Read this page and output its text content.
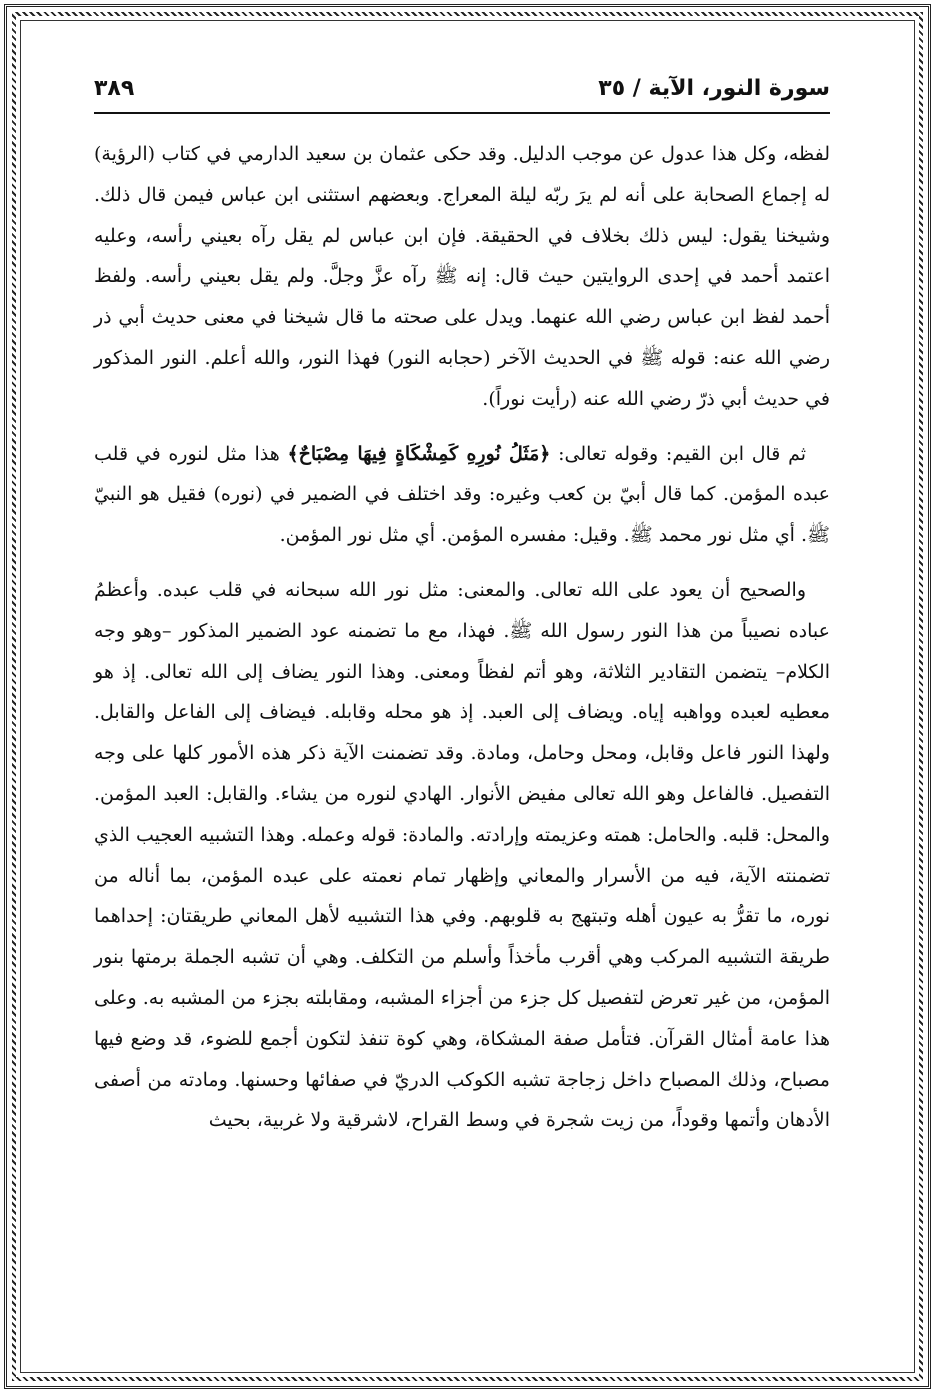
سورة النور، الآية / ٣٥
٣٨٩

لفظه، وكل هذا عدول عن موجب الدليل. وقد حكى عثمان بن سعيد الدارمي في كتاب (الرؤية) له إجماع الصحابة على أنه لم يرَ ربّه ليلة المعراج. وبعضهم استثنى ابن عباس فيمن قال ذلك. وشيخنا يقول: ليس ذلك بخلاف في الحقيقة. فإن ابن عباس لم يقل رآه بعيني رأسه، وعليه اعتمد أحمد في إحدى الروايتين حيث قال: إنه ﷺ رآه عزَّ وجلَّ. ولم يقل بعيني رأسه. ولفظ أحمد لفظ ابن عباس رضي الله عنهما. ويدل على صحته ما قال شيخنا في معنى حديث أبي ذر رضي الله عنه: قوله ﷺ في الحديث الآخر (حجابه النور) فهذا النور، والله أعلم. النور المذكور في حديث أبي ذرّ رضي الله عنه (رأيت نوراً).

ثم قال ابن القيم: وقوله تعالى: ﴿مَثَلُ نُورِهِ كَمِشْكَاةٍ فِيهَا مِصْبَاحٌ﴾ هذا مثل لنوره في قلب عبده المؤمن. كما قال أبيّ بن كعب وغيره: وقد اختلف في الضمير في (نوره) فقيل هو النبيّ ﷺ. أي مثل نور محمد ﷺ. وقيل: مفسره المؤمن. أي مثل نور المؤمن.

والصحيح أن يعود على الله تعالى. والمعنى: مثل نور الله سبحانه في قلب عبده. وأعظمُ عباده نصيباً من هذا النور رسول الله ﷺ. فهذا، مع ما تضمنه عود الضمير المذكور –وهو وجه الكلام– يتضمن التقادير الثلاثة، وهو أتم لفظاً ومعنى. وهذا النور يضاف إلى الله تعالى. إذ هو معطيه لعبده وواهبه إياه. ويضاف إلى العبد. إذ هو محله وقابله. فيضاف إلى الفاعل والقابل. ولهذا النور فاعل وقابل، ومحل وحامل، ومادة. وقد تضمنت الآية ذكر هذه الأمور كلها على وجه التفصيل. فالفاعل وهو الله تعالى مفيض الأنوار. الهادي لنوره من يشاء. والقابل: العبد المؤمن. والمحل: قلبه. والحامل: همته وعزيمته وإرادته. والمادة: قوله وعمله. وهذا التشبيه العجيب الذي تضمنته الآية، فيه من الأسرار والمعاني وإظهار تمام نعمته على عبده المؤمن، بما أناله من نوره، ما تقرُّ به عيون أهله وتبتهج به قلوبهم. وفي هذا التشبيه لأهل المعاني طريقتان: إحداهما طريقة التشبيه المركب وهي أقرب مأخذاً وأسلم من التكلف. وهي أن تشبه الجملة برمتها بنور المؤمن، من غير تعرض لتفصيل كل جزء من أجزاء المشبه، ومقابلته بجزء من المشبه به. وعلى هذا عامة أمثال القرآن. فتأمل صفة المشكاة، وهي كوة تنفذ لتكون أجمع للضوء، قد وضع فيها مصباح، وذلك المصباح داخل زجاجة تشبه الكوكب الدريّ في صفائها وحسنها. ومادته من أصفى الأدهان وأتمها وقوداً، من زيت شجرة في وسط القراح، لاشرقية ولا غربية، بحيث
